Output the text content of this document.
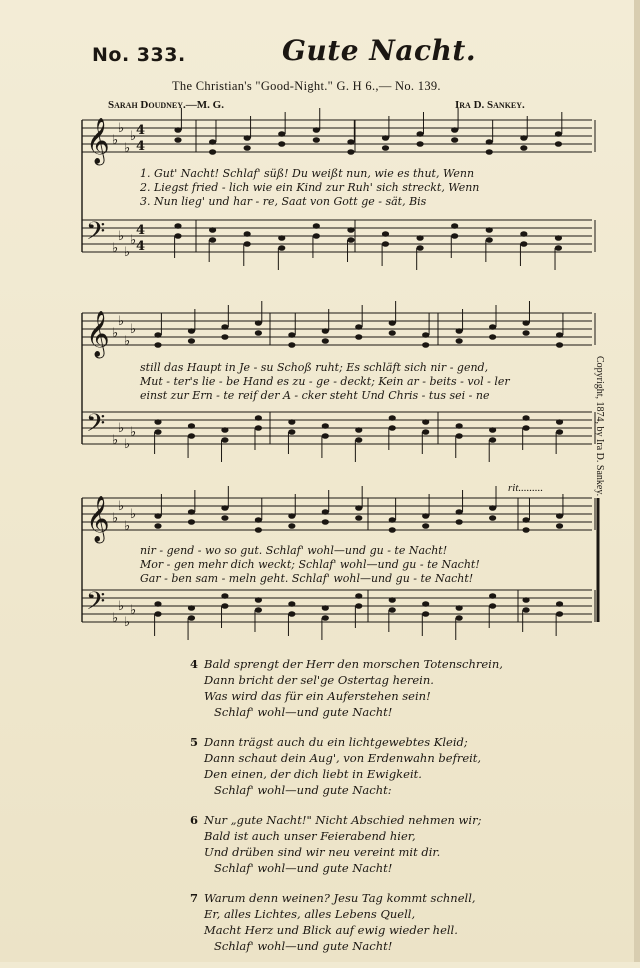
No. 333.	Gute Nacht.
The Christian's "Good-Night." G. H 6.,— No. 139.
Sarah Doudney.—M. G.	Ira D. Sankey.
𝄞
𝄢
♭
♭
♭
♭
♭
♭
♭
♭
4
4
4
4
𝄞
𝄢
♭
♭
♭
♭
♭
♭
♭
♭
𝄞
𝄢
♭
♭
♭
♭
♭
♭
♭
♭
rit.........	Copyright, 1874, by Ira D. Sankey.
1. Gut' Nacht! Schlaf' süß! Du weißt nun, wie es thut, Wenn
2. Liegst fried - lich wie ein Kind zur Ruh' sich streckt, Wenn
3. Nun lieg' und har - re, Saat von Gott ge - sät, Bis
still das Haupt in Je - su Schoß ruht; Es schläft sich nir - gend,
Mut - ter's lie - be Hand es zu - ge - deckt; Kein ar - beits - vol - ler
einst zur Ern - te reif der A - cker steht Und Chris - tus sei - ne
nir - gend - wo so gut. Schlaf' wohl—und gu - te Nacht!
Mor - gen mehr dich weckt; Schlaf' wohl—und gu - te Nacht!
Gar - ben sam - meln geht. Schlaf' wohl—und gu - te Nacht!
4 Bald sprengt der Herr den morschen Totenschrein,
Dann bricht der sel'ge Ostertag herein.
Was wird das für ein Auferstehen sein!
Schlaf' wohl—und gute Nacht!
5 Dann trägst auch du ein lichtgewebtes Kleid;
Dann schaut dein Aug', von Erdenwahn befreit,
Den einen, der dich liebt in Ewigkeit.
Schlaf' wohl—und gute Nacht:
6 Nur „gute Nacht!" Nicht Abschied nehmen wir;
Bald ist auch unser Feierabend hier,
Und drüben sind wir neu vereint mit dir.
Schlaf' wohl—und gute Nacht!
7 Warum denn weinen? Jesu Tag kommt schnell,
Er, alles Lichtes, alles Lebens Quell,
Macht Herz und Blick auf ewig wieder hell.
Schlaf' wohl—und gute Nacht!
